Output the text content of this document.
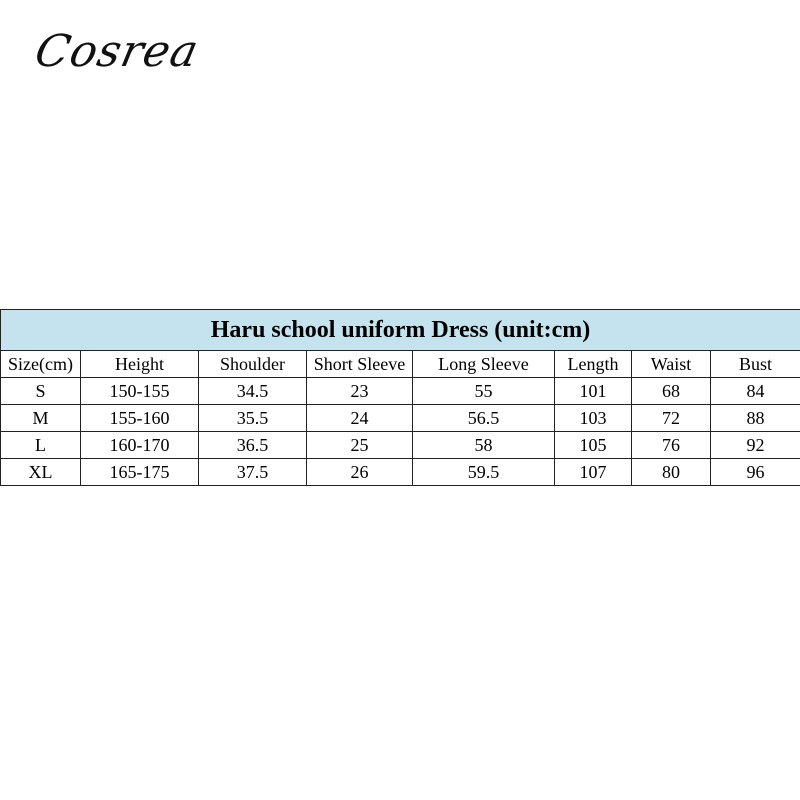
Cosrea
Haru school uniform Dress (unit:cm)							
Size(cm)	Height	Shoulder	Short Sleeve	Long Sleeve	Length	Waist	Bust
S	150-155	34.5	23	55	101	68	84
M	155-160	35.5	24	56.5	103	72	88
L	160-170	36.5	25	58	105	76	92
XL	165-175	37.5	26	59.5	107	80	96
